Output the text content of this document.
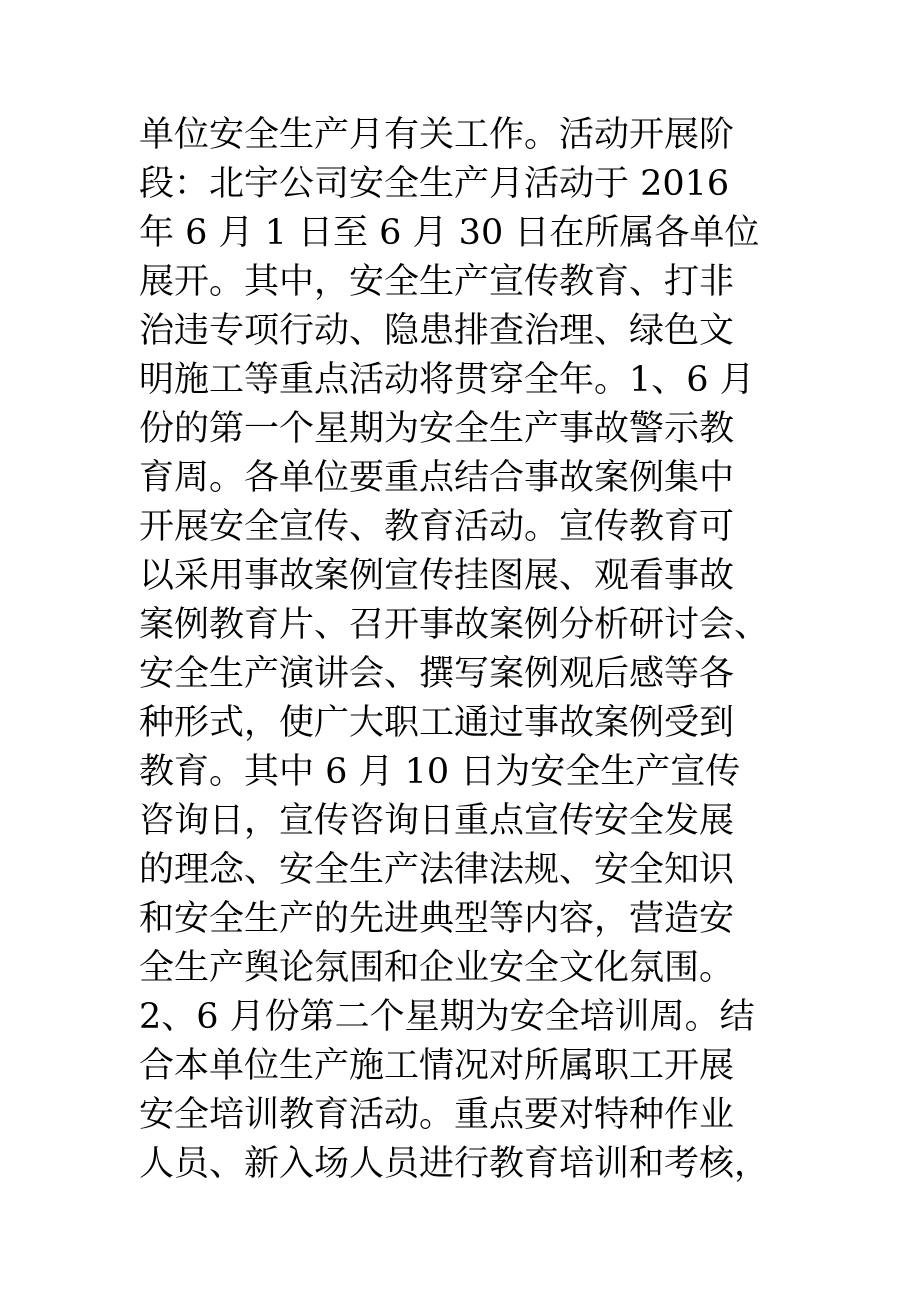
单位安全生产月有关工作。活动开展阶
段：北宇公司安全生产月活动于 2016
年 6 月 1 日至 6 月 30 日在所属各单位
展开。其中，安全生产宣传教育、打非
治违专项行动、隐患排查治理、绿色文
明施工等重点活动将贯穿全年。1、6 月
份的第一个星期为安全生产事故警示教
育周。各单位要重点结合事故案例集中
开展安全宣传、教育活动。宣传教育可
以采用事故案例宣传挂图展、观看事故
案例教育片、召开事故案例分析研讨会、
安全生产演讲会、撰写案例观后感等各
种形式，使广大职工通过事故案例受到
教育。其中 6 月 10 日为安全生产宣传
咨询日，宣传咨询日重点宣传安全发展
的理念、安全生产法律法规、安全知识
和安全生产的先进典型等内容，营造安
全生产舆论氛围和企业安全文化氛围。
2、6 月份第二个星期为安全培训周。结
合本单位生产施工情况对所属职工开展
安全培训教育活动。重点要对特种作业
人员、新入场人员进行教育培训和考核，
